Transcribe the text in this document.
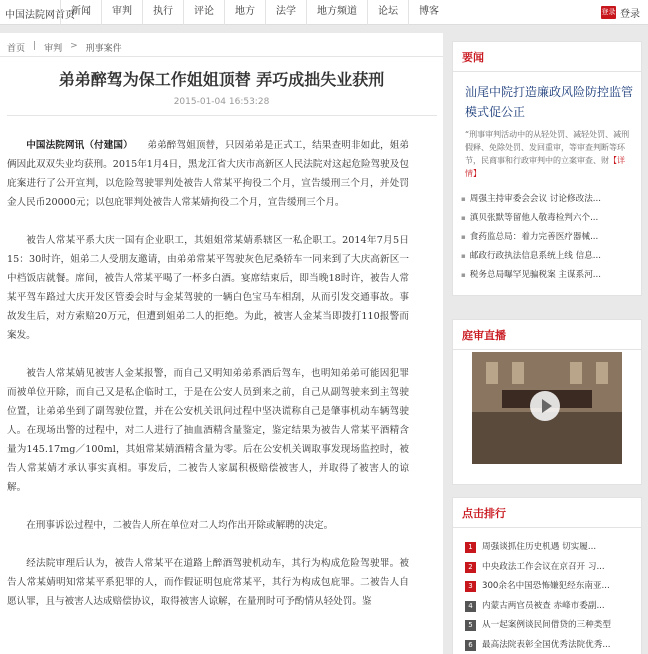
中国法院网首页
新闻	审判	执行	评论	地方	法学	地方频道	论坛	博客	登录 登录
首页 | 审判 > 刑事案件
弟弟醉驾为保工作姐姐顶替 弄巧成拙失业获刑
2015-01-04 16:53:28

中国法院网讯（付建国）　　 弟弟醉驾姐顶替，只因弟弟是正式工，结果查明非如此，姐弟俩因此双双失业均获刑。2015年1月4日，黑龙江省大庆市高新区人民法院对这起危险驾驶及包庇案进行了公开宣判，以危险驾驶罪判处被告人常某平拘役二个月，宣告缓刑三个月，并处罚金人民币20000元；以包庇罪判处被告人常某婧拘役二个月，宣告缓刑三个月。

被告人常某平系大庆一国有企业职工，其姐姐常某婧系辖区一私企职工。2014年7月5日15：30时许，姐弟二人受朋友邀请，由弟弟常某平驾驶灰色尼桑轿车一同来到了大庆高新区一中档饭店就餐。席间，被告人常某平喝了一杯多白酒。宴席结束后，即当晚18时许，被告人常某平驾车路过大庆开发区管委会时与金某驾驶的一辆白色宝马车相刮，从而引发交通事故。事故发生后，对方索赔20万元，但遭到姐弟二人的拒绝。为此，被害人金某当即拨打110报警而案发。

被告人常某婧见被害人金某报警，而自己又明知弟弟系酒后驾车，也明知弟弟可能因犯罪而被单位开除，而自己又是私企临时工，于是在公安人员到来之前，自己从副驾驶来到主驾驶位置，让弟弟坐到了副驾驶位置，并在公安机关讯问过程中坚决谎称自己是肇事机动车辆驾驶人。在现场出警的过程中，对二人进行了抽血酒精含量鉴定，鉴定结果为被告人常某平酒精含量为145.17mg／100ml，其姐常某婧酒精含量为零。后在公安机关调取事发现场监控时，被告人常某婧才承认事实真相。事发后，二被告人家属积极赔偿被害人，并取得了被害人的谅解。

在刑事诉讼过程中，二被告人所在单位对二人均作出开除或解聘的决定。

经法院审理后认为，被告人常某平在道路上醉酒驾驶机动车，其行为构成危险驾驶罪。被告人常某婧明知常某平系犯罪的人，而作假证明包庇常某平，其行为构成包庇罪。二被告人自愿认罪，且与被害人达成赔偿协议，取得被害人谅解，在量刑时可予酌情从轻处罚。鉴

要闻
汕尾中院打造廉政风险防控监管模式促公正
“刑事审判活动中的从轻处罚、减轻处罚、减刑假释、免除处罚、发回重审，等审查判断等环节，民商事和行政审判中的立案审查、财【详情】
▪ 周强主持审委会会议 讨论修改法...
▪ 滇贝张默等留他人敬毒检判六个...
▪ 食药监总局：着力完善医疗器械...
▪ 邮政行政执法信息系统上线 信息...
▪ 税务总局曝罕见骗税案 主谋系河...
庭审直播
点击排行
1	周强谈抓住历史机遇 切实履...
2	中央政法工作会议在京召开 习...
3	300余名中国恐怖嫌犯经东南亚...
4	内蒙古两官员被查 赤峰市委副...
5	从一起案例谈民间借贷的三种类型
6	最高法院表彰全国优秀法院优秀...
